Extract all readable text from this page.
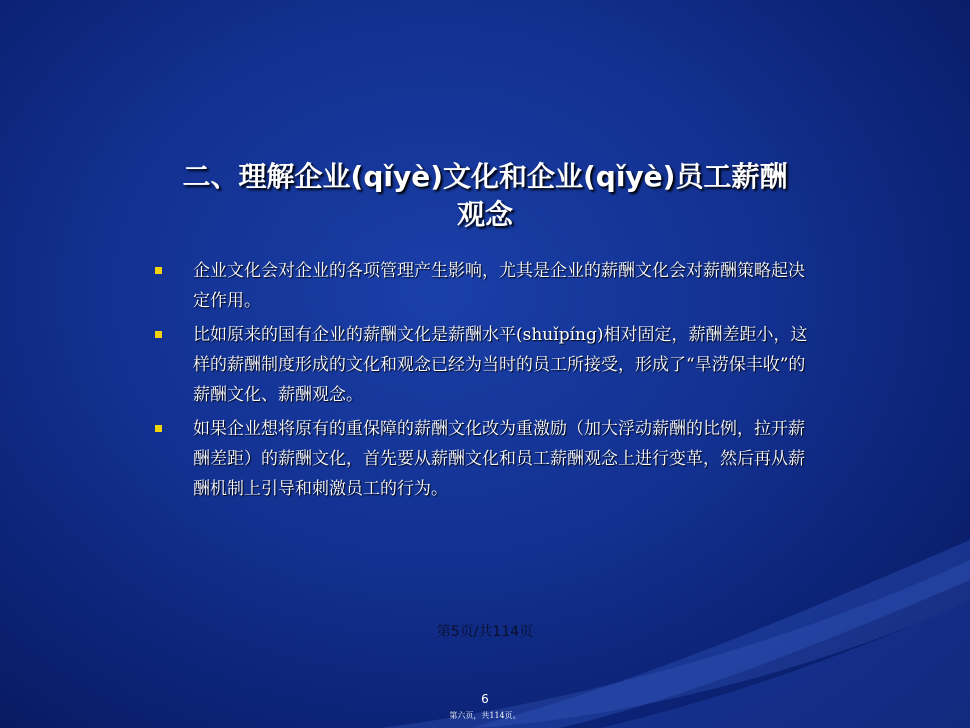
二、理解企业(qǐyè)文化和企业(qǐyè)员工薪酬
观念
企业文化会对企业的各项管理产生影响，尤其是企业的薪酬文化会对薪酬策略起决定作用。
比如原来的国有企业的薪酬文化是薪酬水平(shuǐpíng)相对固定，薪酬差距小，这样的薪酬制度形成的文化和观念已经为当时的员工所接受，形成了“旱涝保丰收”的薪酬文化、薪酬观念。
如果企业想将原有的重保障的薪酬文化改为重激励（加大浮动薪酬的比例，拉开薪酬差距）的薪酬文化，首先要从薪酬文化和员工薪酬观念上进行变革，然后再从薪酬机制上引导和刺激员工的行为。
第5页/共114页
6
第六页，共114页。
